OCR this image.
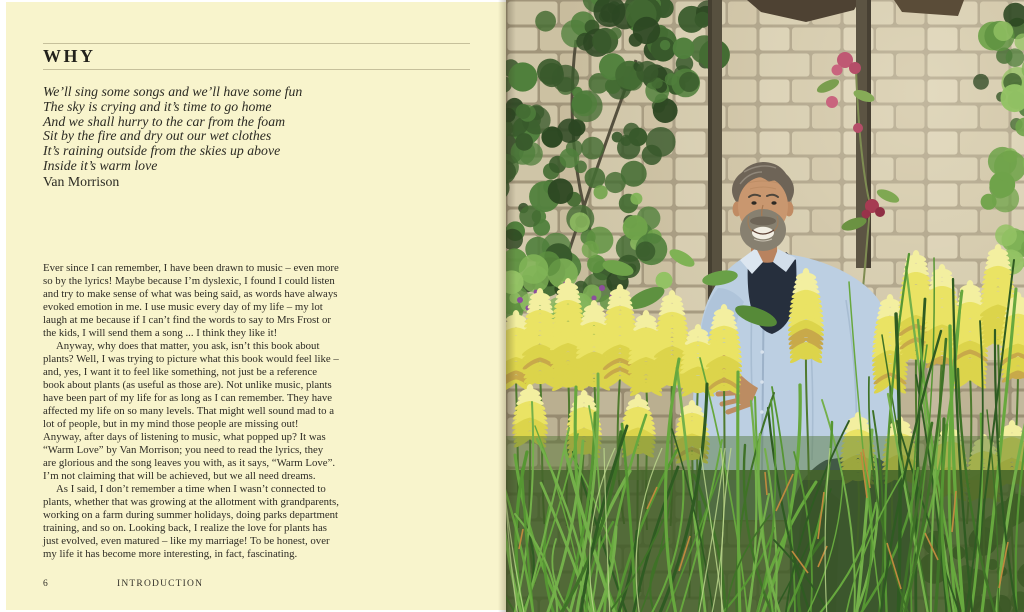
WHY
We’ll sing some songs and we’ll have some fun
The sky is crying and it’s time to go home
And we shall hurry to the car from the foam
Sit by the fire and dry out our wet clothes
It’s raining outside from the skies up above
Inside it’s warm love
Van Morrison

Ever since I can remember, I have been drawn to music – even more so by the lyrics! Maybe because I’m dyslexic, I found I could listen and try to make sense of what was being said, as words have always evoked emotion in me. I use music every day of my life – my lot laugh at me because if I can’t find the words to say to Mrs Frost or the kids, I will send them a song ... I think they like it!

Anyway, why does that matter, you ask, isn’t this book about plants? Well, I was trying to picture what this book would feel like – and, yes, I want it to feel like something, not just be a reference book about plants (as useful as those are). Not unlike music, plants have been part of my life for as long as I can remember. They have affected my life on so many levels. That might well sound mad to a lot of people, but in my mind those people are missing out! Anyway, after days of listening to music, what popped up? It was “Warm Love” by Van Morrison; you need to read the lyrics, they are glorious and the song leaves you with, as it says, “Warm Love”. I’m not claiming that will be achieved, but we all need dreams.

As I said, I don’t remember a time when I wasn’t connected to plants, whether that was growing at the allotment with grandparents, working on a farm during summer holidays, doing parks department training, and so on. Looking back, I realize the love for plants has just evolved, even matured – like my marriage! To be honest, over my life it has become more interesting, in fact, fascinating.

6	INTRODUCTION
